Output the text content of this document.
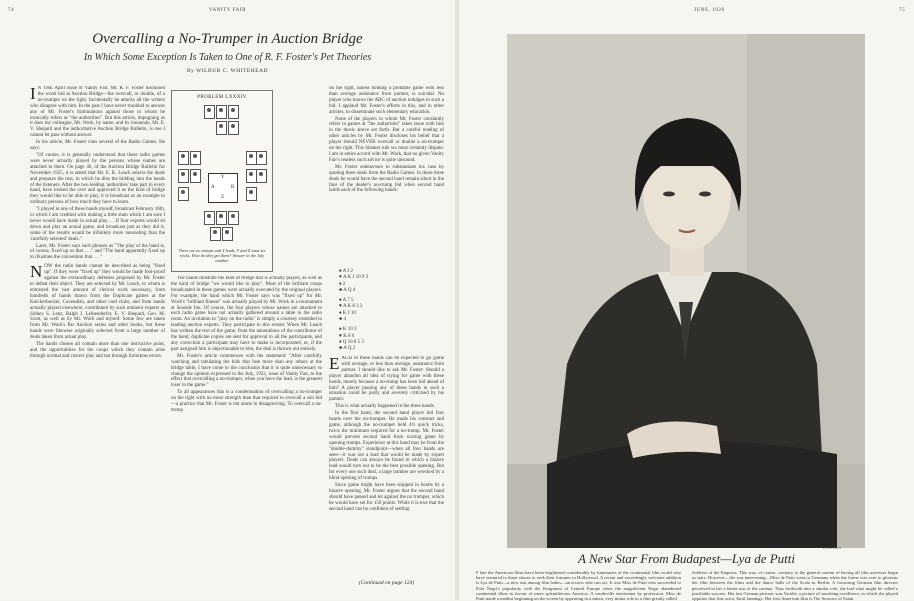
74	VANITY FAIR
Overcalling a No-Trumper in Auction Bridge
In Which Some Exception Is Taken to One of R. F. Foster's Pet Theories
By WILBUR C. WHITEHEAD

I N THE April issue of Vanity Fair, Mr. R. F. Foster discussed the worst bid at Auction Bridge—the overcall, or double, of a no-trumper on the right. Incidentally he attacks all the writers who disagree with him. In the past I have never troubled to answer any of Mr. Foster's fulminations against those to whom he ironically refers as "the authorities". But this article, impugning as it does my colleague, Mr. Work, by name, and by innuendo, Mr. E. V. Shepard and the authoritative Auction Bridge Bulletin, is one I cannot let pass without answer.

In his article, Mr. Foster cites several of the Radio Games. He says:

"Of course, it is generally understood that these radio games were never actually played by the persons whose names are attached to them. On page 46, of the Auction Bridge Bulletin for November 1925, it is stated that Mr. E. K. Leach selects the deals and prepares the text, in which he dins the bidding into the heads of the listeners. After the two leading 'authorities' take part in every hand, have looked the over and approved it as the kind of bridge they would like to be able to play, it is broadcast as an example to ordinary persons of how much they have to learn.

"I played in one of these hands myself, broadcast February 16th, in which I am credited with making a little slam which I am sure I never would have made in actual play. . . If four experts would sit down and play an actual game, and broadcast just as they did it, some of the results would be infinitely more interesting than the 'carefully selected' deals."

Later, Mr. Foster says such phrases as "The play of the hand is, of course, fixed up so that . . ." and "The hand apparently fixed up to illustrate the convention that . . ."

NOW the radio hands cannot be described as being "fixed up". If they were "fixed up" they would be made fool-proof against the extraordinary defenses proposed by Mr. Foster to defeat their object. They are selected by Mr. Leach, to whom is entrusted the vast amount of clerical work necessary, from hundreds of hands drawn from the Duplicate games at the Knickerbocker, Cavendish, and other card clubs, and from hands actually played elsewhere, contributed by such eminent experts as Sidney S. Lenz, Ralph J. Leibenderfer, E. V. Shepard, Geo. M. Scott, as well as by Mr. Work and myself. Some few are taken from Mr. Work's Par Auction series and other books, but these hands were likewise originally selected from a large number of deals taken from actual play.

The hands chosen all contain more than one instructive point, and the opportunities for the coups which they contain arise through normal and correct play and not through fortuitous errors.

PROBLEM LXXXIV
Y
A	B
Z
There are no trumps and Y leads. Y and Z want six tricks. How do they get them? Answer in the July number

The hands illustrate the kind of bridge that is actually played, as well as the kind of bridge "we would like to play". Most of the brilliant coups broadcasted in these games were actually executed by the original players. For example, the hand which Mr. Foster says was "fixed up" for Mr. Work's "brilliant finesse" was actually played by Mr. Work in a tournament at Seaside Inn. Of course, the four players whose names are attached to each radio game have not actually gathered around a table in the radio room. An invitation to "play on the radio" is simply a courtesy extended to leading auction experts. They participate to this extent: When Mr. Leach has written the text of the game, from the annotations of the contributor of the hand, duplicate copies are sent for approval to all the participants, and any correction a participant may have to make is incorporated, or, if the part assigned him is objectionable to him, the deal is thrown out entirely.

Mr. Foster's article commences with the statement: "After carefully watching and tabulating the bids that lose more than any others at the bridge table, I have come to the conclusion that it is quite unnecessary to change the opinion expressed in the July, 1922, issue of Vanity Fair, to the effect that overcalling a no-trumper, when you have the lead, is the greatest loser in the game."

To all appearances this is a condemnation of overcalling a no-trumper on the right with no more strength than that required to overcall a suit bid—a practice that Mr. Foster is not alone in disapproving. To overcall a no-trump

on the right, unless holding a probable game with less than average assistance from partner, is suicidal. No player who knows the ABC of auction indulges in such a bid. I applaud Mr. Foster's efforts in this, and in other articles, to disseminate such elementary education.

None of the players to whom Mr. Foster constantly refers in games at "the authorities" takes issue with him in the thesis above set forth. But a careful reading of other articles by Mr. Foster discloses his belief that a player should NEVER overcall or double a no-trumper on the right. This blanket rule we most certainly dispute. I am in entire accord with Mr. Work, that no given Vanity Fair's readers such advice is quite unsound.

Mr. Foster endeavours to substantiate his case by quoting three deals from the Radio Games. In these three deals he would have the second hand remain silent in the face of the dealer's no-trump bid when second hand holds each of the following hands:

♠ A J 2
♥ A K J 10 9 3
♦ 2
♣ A Q 4
♠ A 7 5
♥ A K 8 3 2
♦ K J 10
♣ 4
♠ K 10 3
♥ K 8 6
♦ Q 10 8 5 3
♣ A Q 2

EACH of these hands can be expected to go game with average, or less than average, assistance from partner. I should like to ask Mr. Foster: Should a player abandon all idea of trying for game with these hands, merely because a no-trump has been bid ahead of him? A player passing any of these hands in such a situation could be justly and severely criticised by his partner.

This is what actually happened in the three hands:

In the first hand, the second hand player bid four hearts over the no-trumper. He made his contract and game, although the no-trumper held 4½ quick tricks, twice the minimum required for a no-trump. Mr. Foster would prevent second hand from scoring game by opening trumps. Experience at this hand may be from the "double-dummy" standpoint—when all four hands are seen—it was not a lead that would be made by expert players. Deals can always be found in which a bizarre lead would turn out to be the best possible opening. But for every one such deal, a large number are wrecked by a blind opening of trumps.

Since game might have been stopped in hearts by a bizarre opening, Mr. Foster argues that the second hand should have passed and let against the no trumper, which he would have set for 150 points. While it is true that the second hand can be confident of settling

(Continued on page 124)
JUNE, 1926	75
STEICHEN
A New Star From Budapest—Lya de Putti
F late the American films have been brightened considerably by luminaries of the continental film world who have ventured to these shores to seek their fortunes in Hollywood. A recent and exceedingly welcome addition is Lya de Putti—a new star among film ladies—an actress who can act. It was Miss de Putti who succeeded to Pola Negri's popularity with the Kingsmen of Central Europe when the magnificent Negri abandoned continental films in favour of more splendiferous America. A vaudeville entertainer by profession, Miss de Putti made a modest beginning on the screen by appearing in a minor, very minor role in a film greatly called
Soldiers of the Empress. This was, of course, contrary to the general current of having all film actresses begin as stars. However—the war intervening—Miss de Putti went to Germany when the frame was over to glorious her film between the films and the dance halls of the Scala in Berlin. A favouring German film director perceived in her a latent star of the cinema. Thus forthwith into a similar role, she had what might be called a justifiable success. Her fast German pictures was Variété, a picture of smashing excellence, in which she played opposite that fine actor, Emil Jannings. Her first American film is The Sorrows of Satan
